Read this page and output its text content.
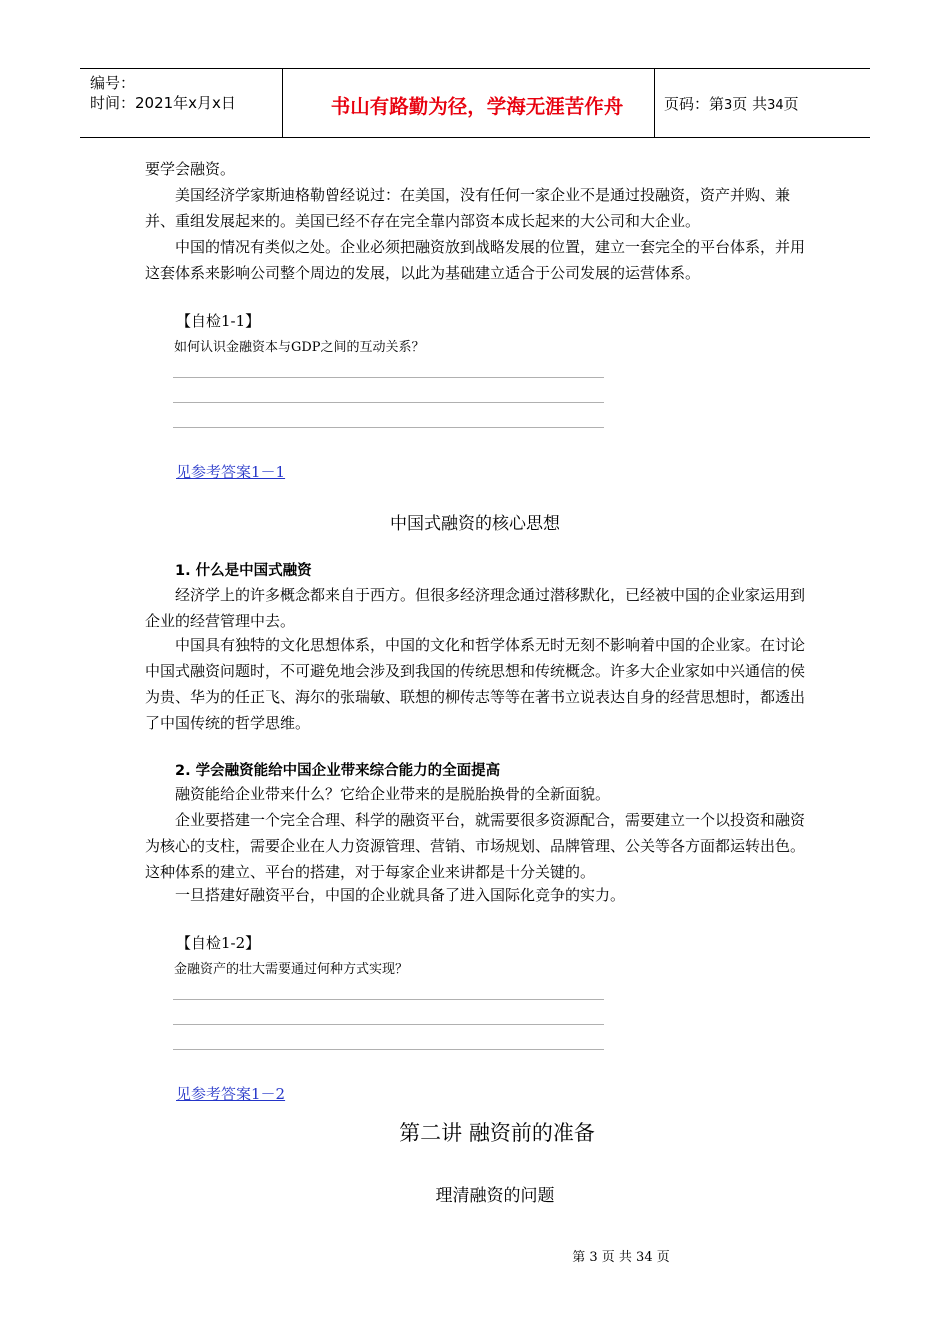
编号：
时间：2021年x月x日	书山有路勤为径，学海无涯苦作舟	页码：第3页 共34页
要学会融资。
美国经济学家斯迪格勒曾经说过：在美国，没有任何一家企业不是通过投融资，资产并购、兼并、重组发展起来的。美国已经不存在完全靠内部资本成长起来的大公司和大企业。
中国的情况有类似之处。企业必须把融资放到战略发展的位置，建立一套完全的平台体系，并用这套体系来影响公司整个周边的发展，以此为基础建立适合于公司发展的运营体系。
【自检1-1】
如何认识金融资本与GDP之间的互动关系？
见参考答案1－1
中国式融资的核心思想
1. 什么是中国式融资
经济学上的许多概念都来自于西方。但很多经济理念通过潜移默化，已经被中国的企业家运用到企业的经营管理中去。
中国具有独特的文化思想体系，中国的文化和哲学体系无时无刻不影响着中国的企业家。在讨论中国式融资问题时，不可避免地会涉及到我国的传统思想和传统概念。许多大企业家如中兴通信的侯为贵、华为的任正飞、海尔的张瑞敏、联想的柳传志等等在著书立说表达自身的经营思想时，都透出了中国传统的哲学思维。
2. 学会融资能给中国企业带来综合能力的全面提高
融资能给企业带来什么？它给企业带来的是脱胎换骨的全新面貌。
企业要搭建一个完全合理、科学的融资平台，就需要很多资源配合，需要建立一个以投资和融资为核心的支柱，需要企业在人力资源管理、营销、市场规划、品牌管理、公关等各方面都运转出色。这种体系的建立、平台的搭建，对于每家企业来讲都是十分关键的。
一旦搭建好融资平台，中国的企业就具备了进入国际化竞争的实力。
【自检1-2】
金融资产的壮大需要通过何种方式实现？
见参考答案1－2
第二讲 融资前的准备
理清融资的问题
第 3 页 共 34 页
